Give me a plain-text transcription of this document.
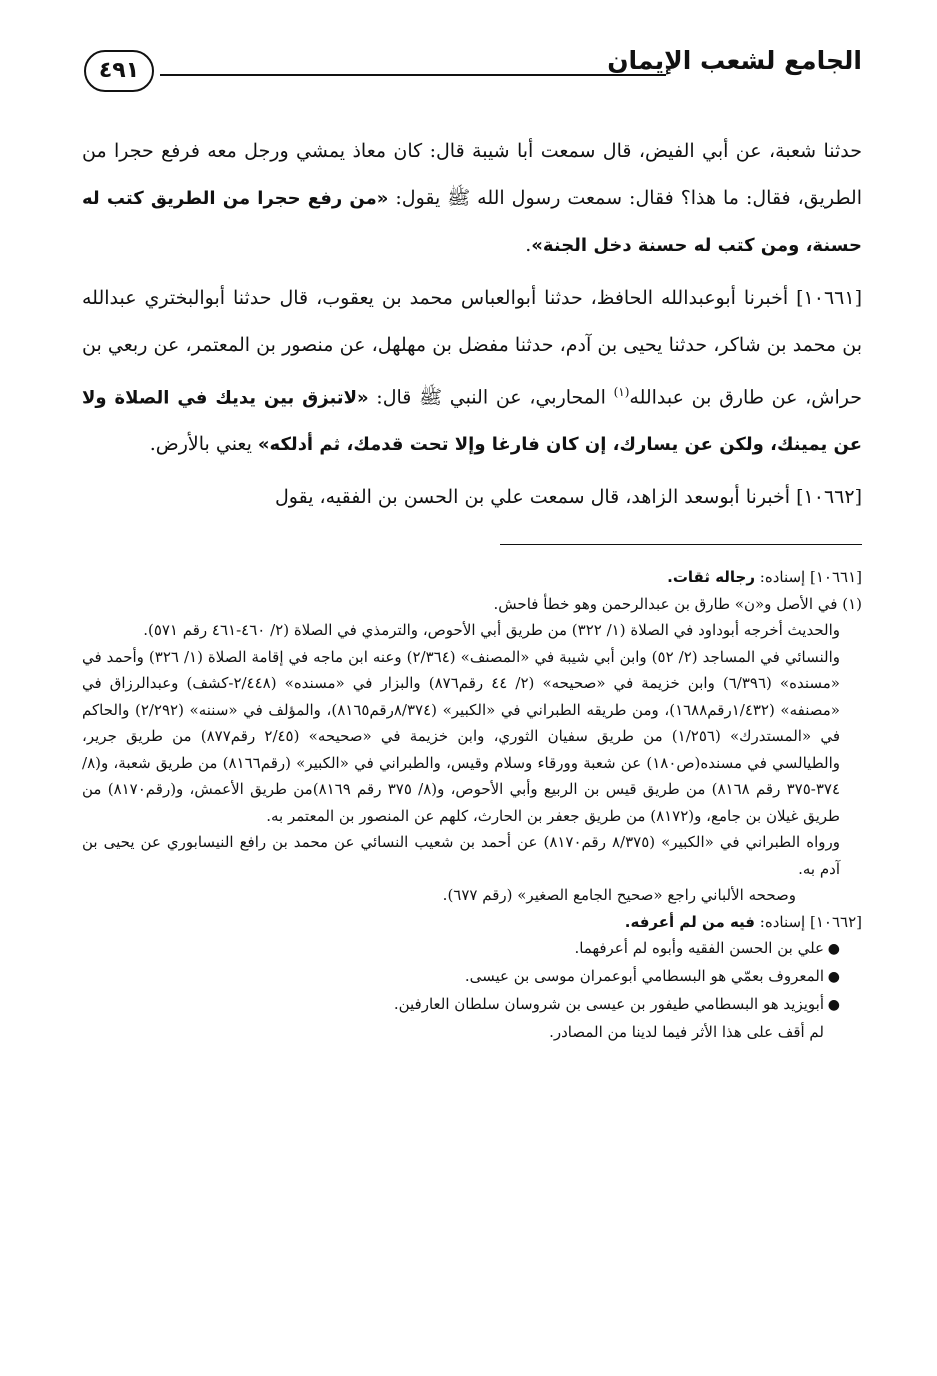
الجامع لشعب الإيمان
٤٩١

حدثنا شعبة، عن أبي الفيض، قال سمعت أبا شيبة قال: كان معاذ يمشي ورجل معه فرفع حجرا من الطريق، فقال: ما هذا؟ فقال: سمعت رسول الله ﷺ يقول: «من رفع حجرا من الطريق كتب له حسنة، ومن كتب له حسنة دخل الجنة».

[١٠٦٦١] أخبرنا أبوعبدالله الحافظ، حدثنا أبوالعباس محمد بن يعقوب، قال حدثنا أبوالبختري عبدالله بن محمد بن شاكر، حدثنا يحيى بن آدم، حدثنا مفضل بن مهلهل، عن منصور بن المعتمر، عن ربعي بن حراش، عن طارق بن عبدالله$^{(١)}$ المحاربي، عن النبي ﷺ قال: «لاتبزق بين يديك في الصلاة ولا عن يمينك، ولكن عن يسارك، إن كان فارغا وإلا تحت قدمك، ثم أدلكه» يعني بالأرض.

[١٠٦٦٢] أخبرنا أبوسعد الزاهد، قال سمعت علي بن الحسن بن الفقيه، يقول

[١٠٦٦١] إسناده: رجاله ثقات.

(١) في الأصل و«ن» طارق بن عبدالرحمن وهو خطأ فاحش.

والحديث أخرجه أبوداود في الصلاة (١/ ٣٢٢) من طريق أبي الأحوص، والترمذي في الصلاة (٢/ ٤٦٠-٤٦١ رقم ٥٧١).

والنسائي في المساجد (٢/ ٥٢) وابن أبي شيبة في «المصنف» (٢/٣٦٤) وعنه ابن ماجه في إقامة الصلاة (١/ ٣٢٦) وأحمد في «مسنده» (٦/٣٩٦) وابن خزيمة في «صحيحه» (٢/ ٤٤ رقم٨٧٦) والبزار في «مسنده» (٢/٤٤٨-كشف) وعبدالرزاق في «مصنفه» (١/٤٣٢رقم١٦٨٨)، ومن طريقه الطبراني في «الكبير» (٨/٣٧٤رقم٨١٦٥)، والمؤلف في «سننه» (٢/٢٩٢) والحاكم في «المستدرك» (١/٢٥٦) من طريق سفيان الثوري، وابن خزيمة في «صحيحه» (٢/٤٥ رقم٨٧٧) من طريق جرير، والطيالسي في مسنده(ص١٨٠) عن شعبة وورقاء وسلام وقيس، والطبراني في «الكبير» (رقم٨١٦٦) من طريق شعبة، و(٨/ ٣٧٤-٣٧٥ رقم ٨١٦٨) من طريق قيس بن الربيع وأبي الأحوص، و(٨/ ٣٧٥ رقم ٨١٦٩)من طريق الأعمش، و(رقم٨١٧٠) من طريق غيلان بن جامع، و(٨١٧٢) من طريق جعفر بن الحارث، كلهم عن المنصور بن المعتمر به.

ورواه الطبراني في «الكبير» (٨/٣٧٥ رقم٨١٧٠) عن أحمد بن شعيب النسائي عن محمد بن رافع النيسابوري عن يحيى بن آدم به.

وصححه الألباني راجع «صحيح الجامع الصغير» (رقم ٦٧٧).

[١٠٦٦٢] إسناده: فيه من لم أعرفه.

●علي بن الحسن الفقيه وأبوه لم أعرفهما.
●المعروف بعمّي هو البسطامي أبوعمران موسى بن عيسى.
●أبويزيد هو البسطامي طيفور بن عيسى بن شروسان سلطان العارفين.

لم أقف على هذا الأثر فيما لدينا من المصادر.
